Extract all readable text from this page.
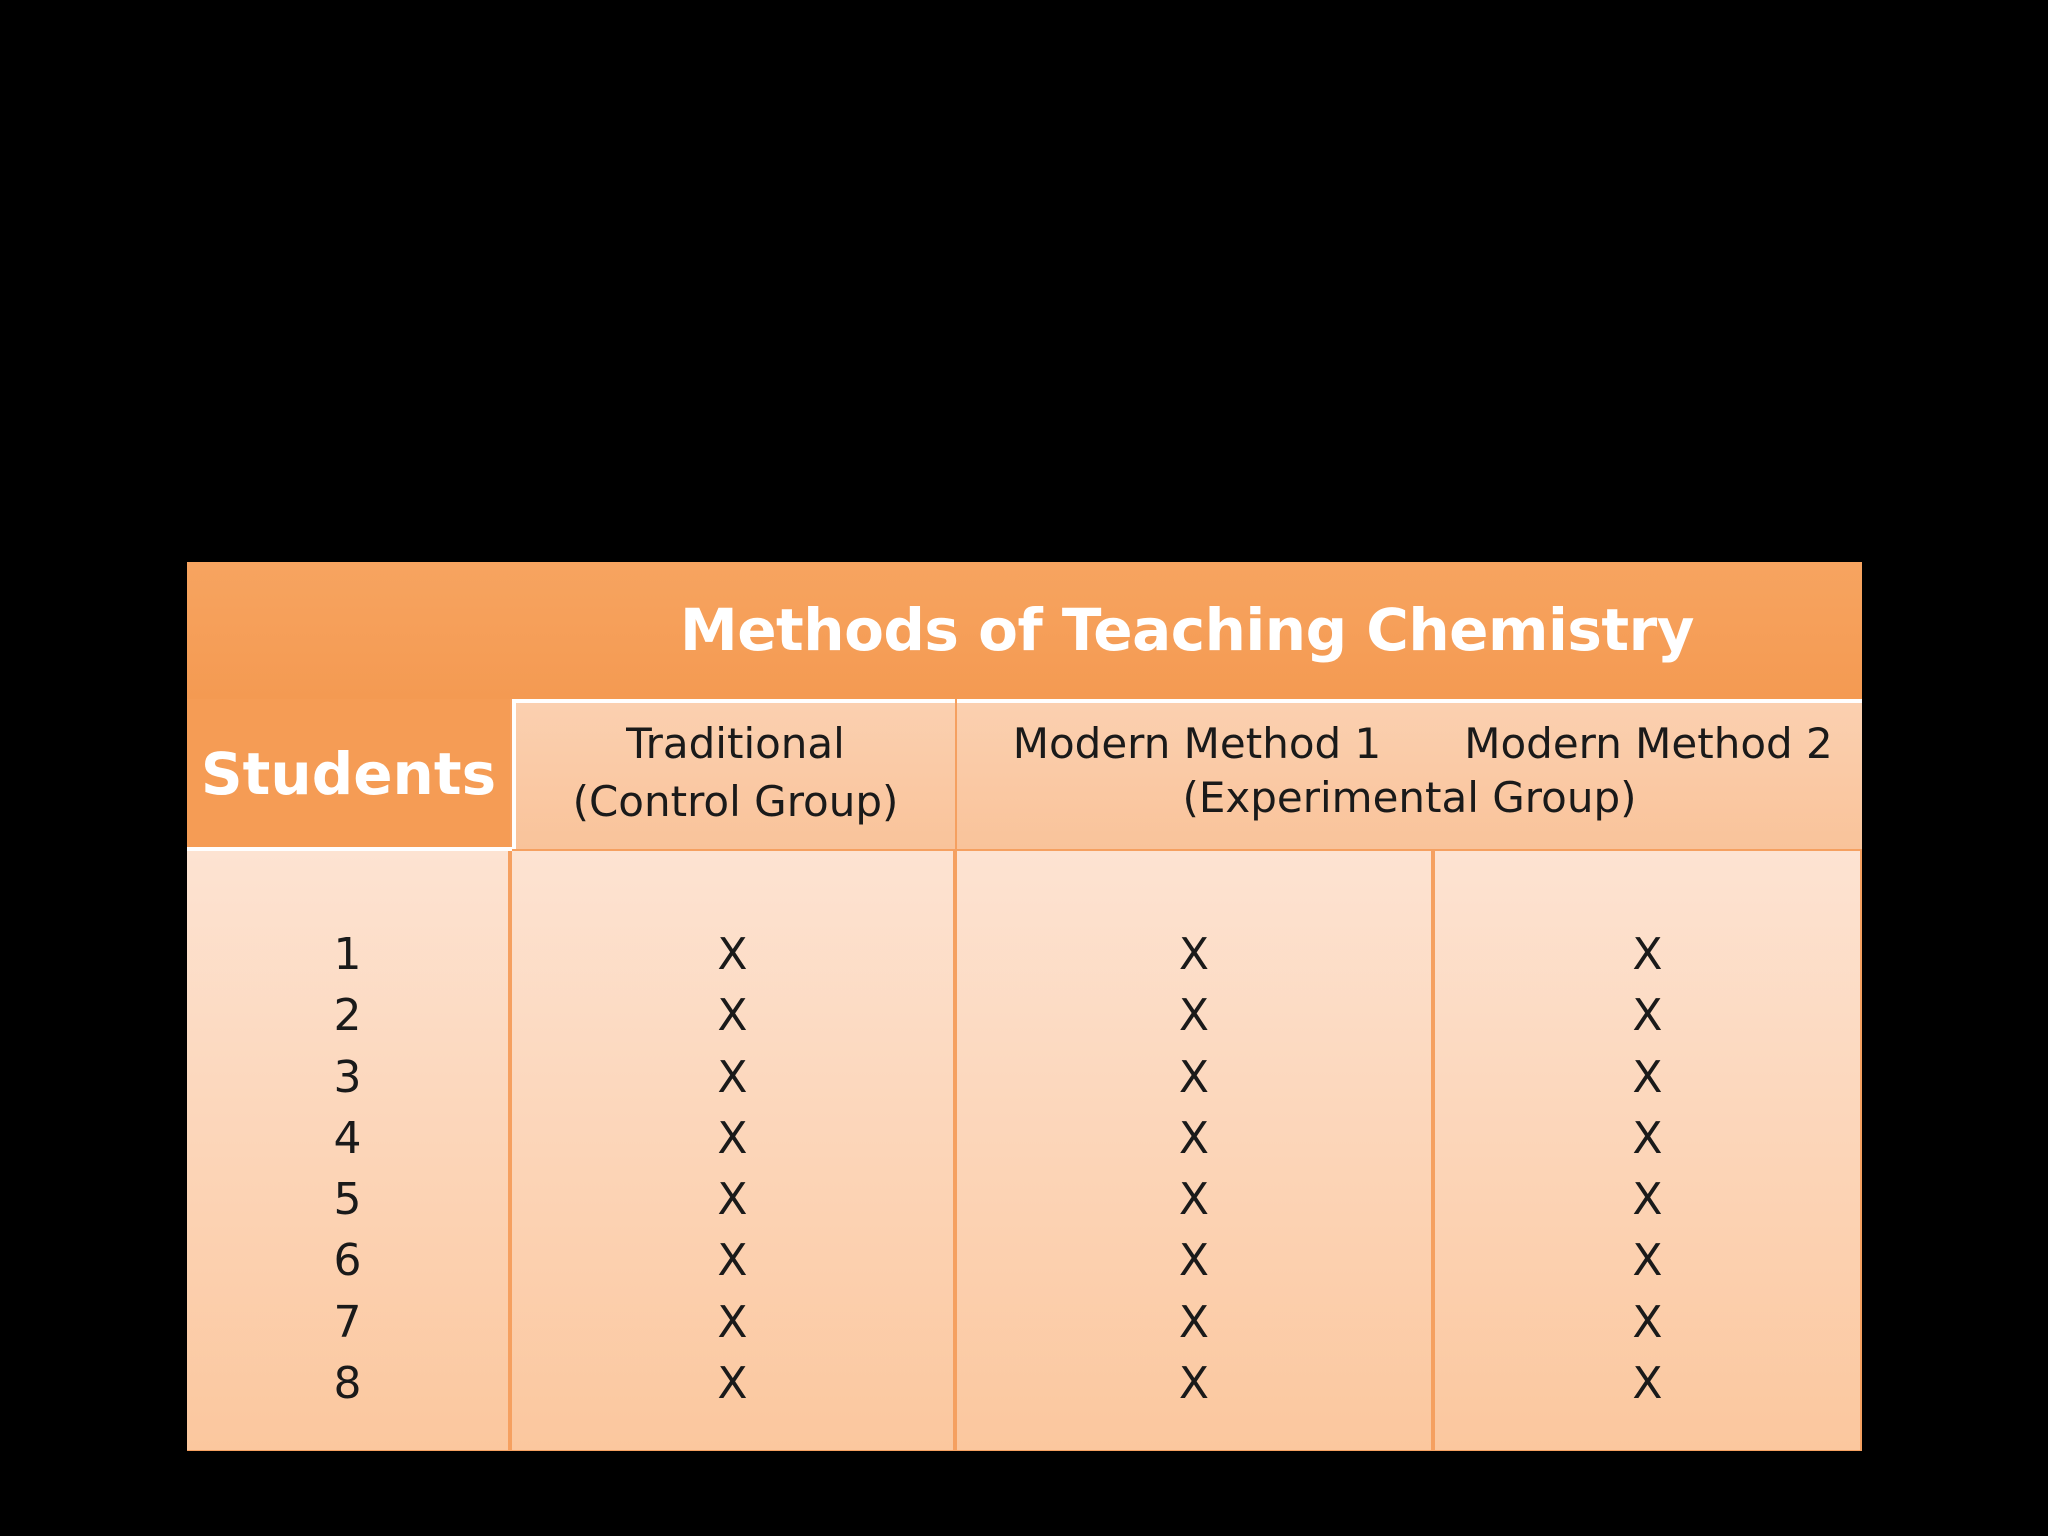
Methods of Teaching Chemistry
Students	Traditional
(Control Group)
Modern Method 1	Modern Method 2
(Experimental Group)
1
2
3
4
5
6
7
8
X
X
X
X
X
X
X
X
X
X
X
X
X
X
X
X
X
X
X
X
X
X
X
X
